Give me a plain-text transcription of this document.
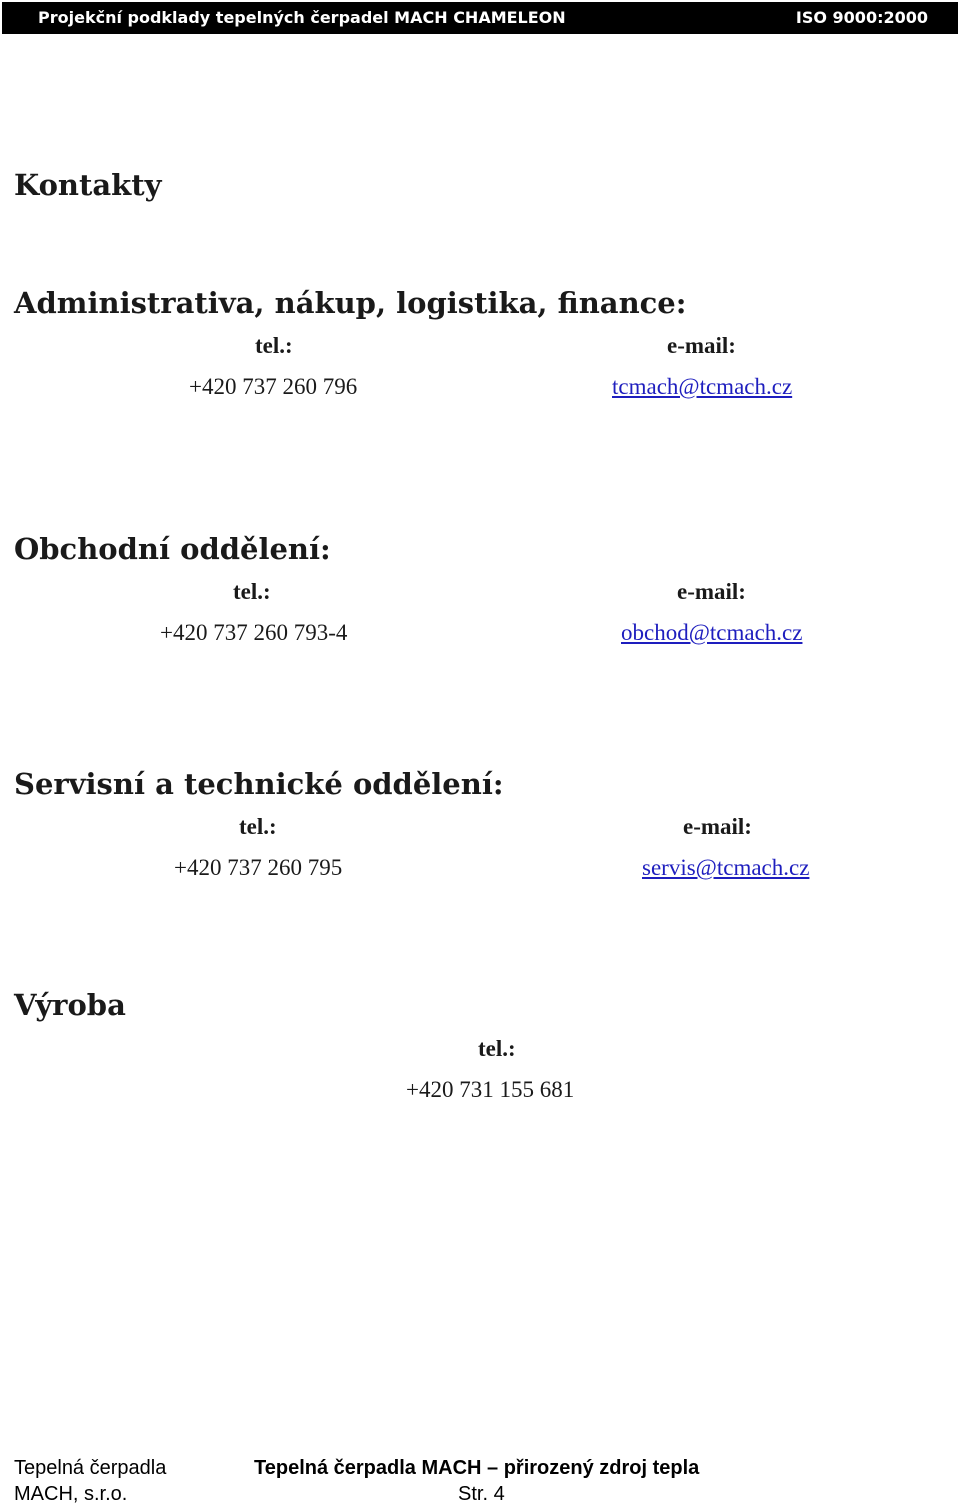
Projekční podklady tepelných čerpadel MACH CHAMELEON	ISO 9000:2000
Kontakty
Administrativa, nákup, logistika, finance:
tel.:	e-mail:
+420 737 260 796	tcmach@tcmach.cz
Obchodní oddělení:
tel.:	e-mail:
+420 737 260 793-4	obchod@tcmach.cz
Servisní a technické oddělení:
tel.:	e-mail:
+420 737 260 795	servis@tcmach.cz
Výroba
tel.:
+420 731 155 681
Tepelná čerpadla
MACH, s.r.o.
Tepelná čerpadla MACH – přirozený zdroj tepla
Str. 4
